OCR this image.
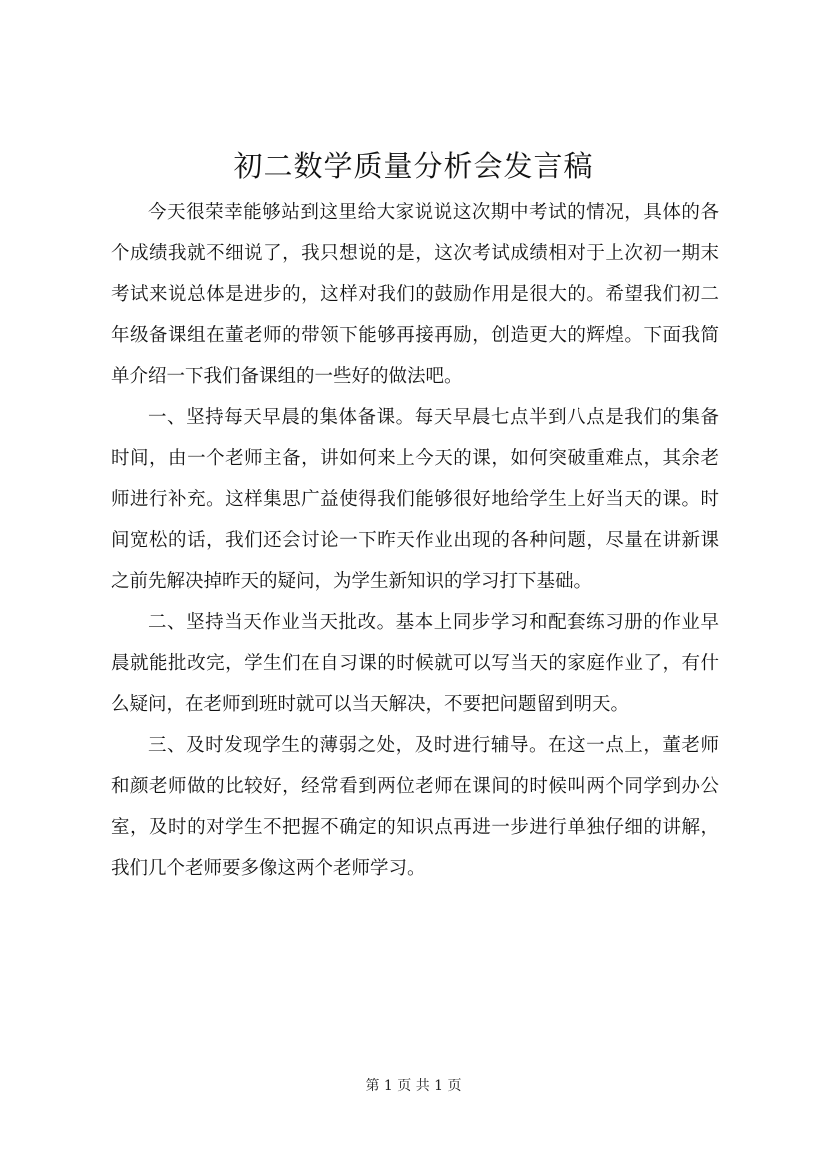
初二数学质量分析会发言稿

今天很荣幸能够站到这里给大家说说这次期中考试的情况，具体的各个成绩我就不细说了，我只想说的是，这次考试成绩相对于上次初一期末考试来说总体是进步的，这样对我们的鼓励作用是很大的。希望我们初二年级备课组在董老师的带领下能够再接再励，创造更大的辉煌。下面我简单介绍一下我们备课组的一些好的做法吧。

一、坚持每天早晨的集体备课。每天早晨七点半到八点是我们的集备时间，由一个老师主备，讲如何来上今天的课，如何突破重难点，其余老师进行补充。这样集思广益使得我们能够很好地给学生上好当天的课。时间宽松的话，我们还会讨论一下昨天作业出现的各种问题，尽量在讲新课之前先解决掉昨天的疑问，为学生新知识的学习打下基础。

二、坚持当天作业当天批改。基本上同步学习和配套练习册的作业早晨就能批改完，学生们在自习课的时候就可以写当天的家庭作业了，有什么疑问，在老师到班时就可以当天解决，不要把问题留到明天。

三、及时发现学生的薄弱之处，及时进行辅导。在这一点上，董老师和颜老师做的比较好，经常看到两位老师在课间的时候叫两个同学到办公室，及时的对学生不把握不确定的知识点再进一步进行单独仔细的讲解，我们几个老师要多像这两个老师学习。

第 1 页 共 1 页
